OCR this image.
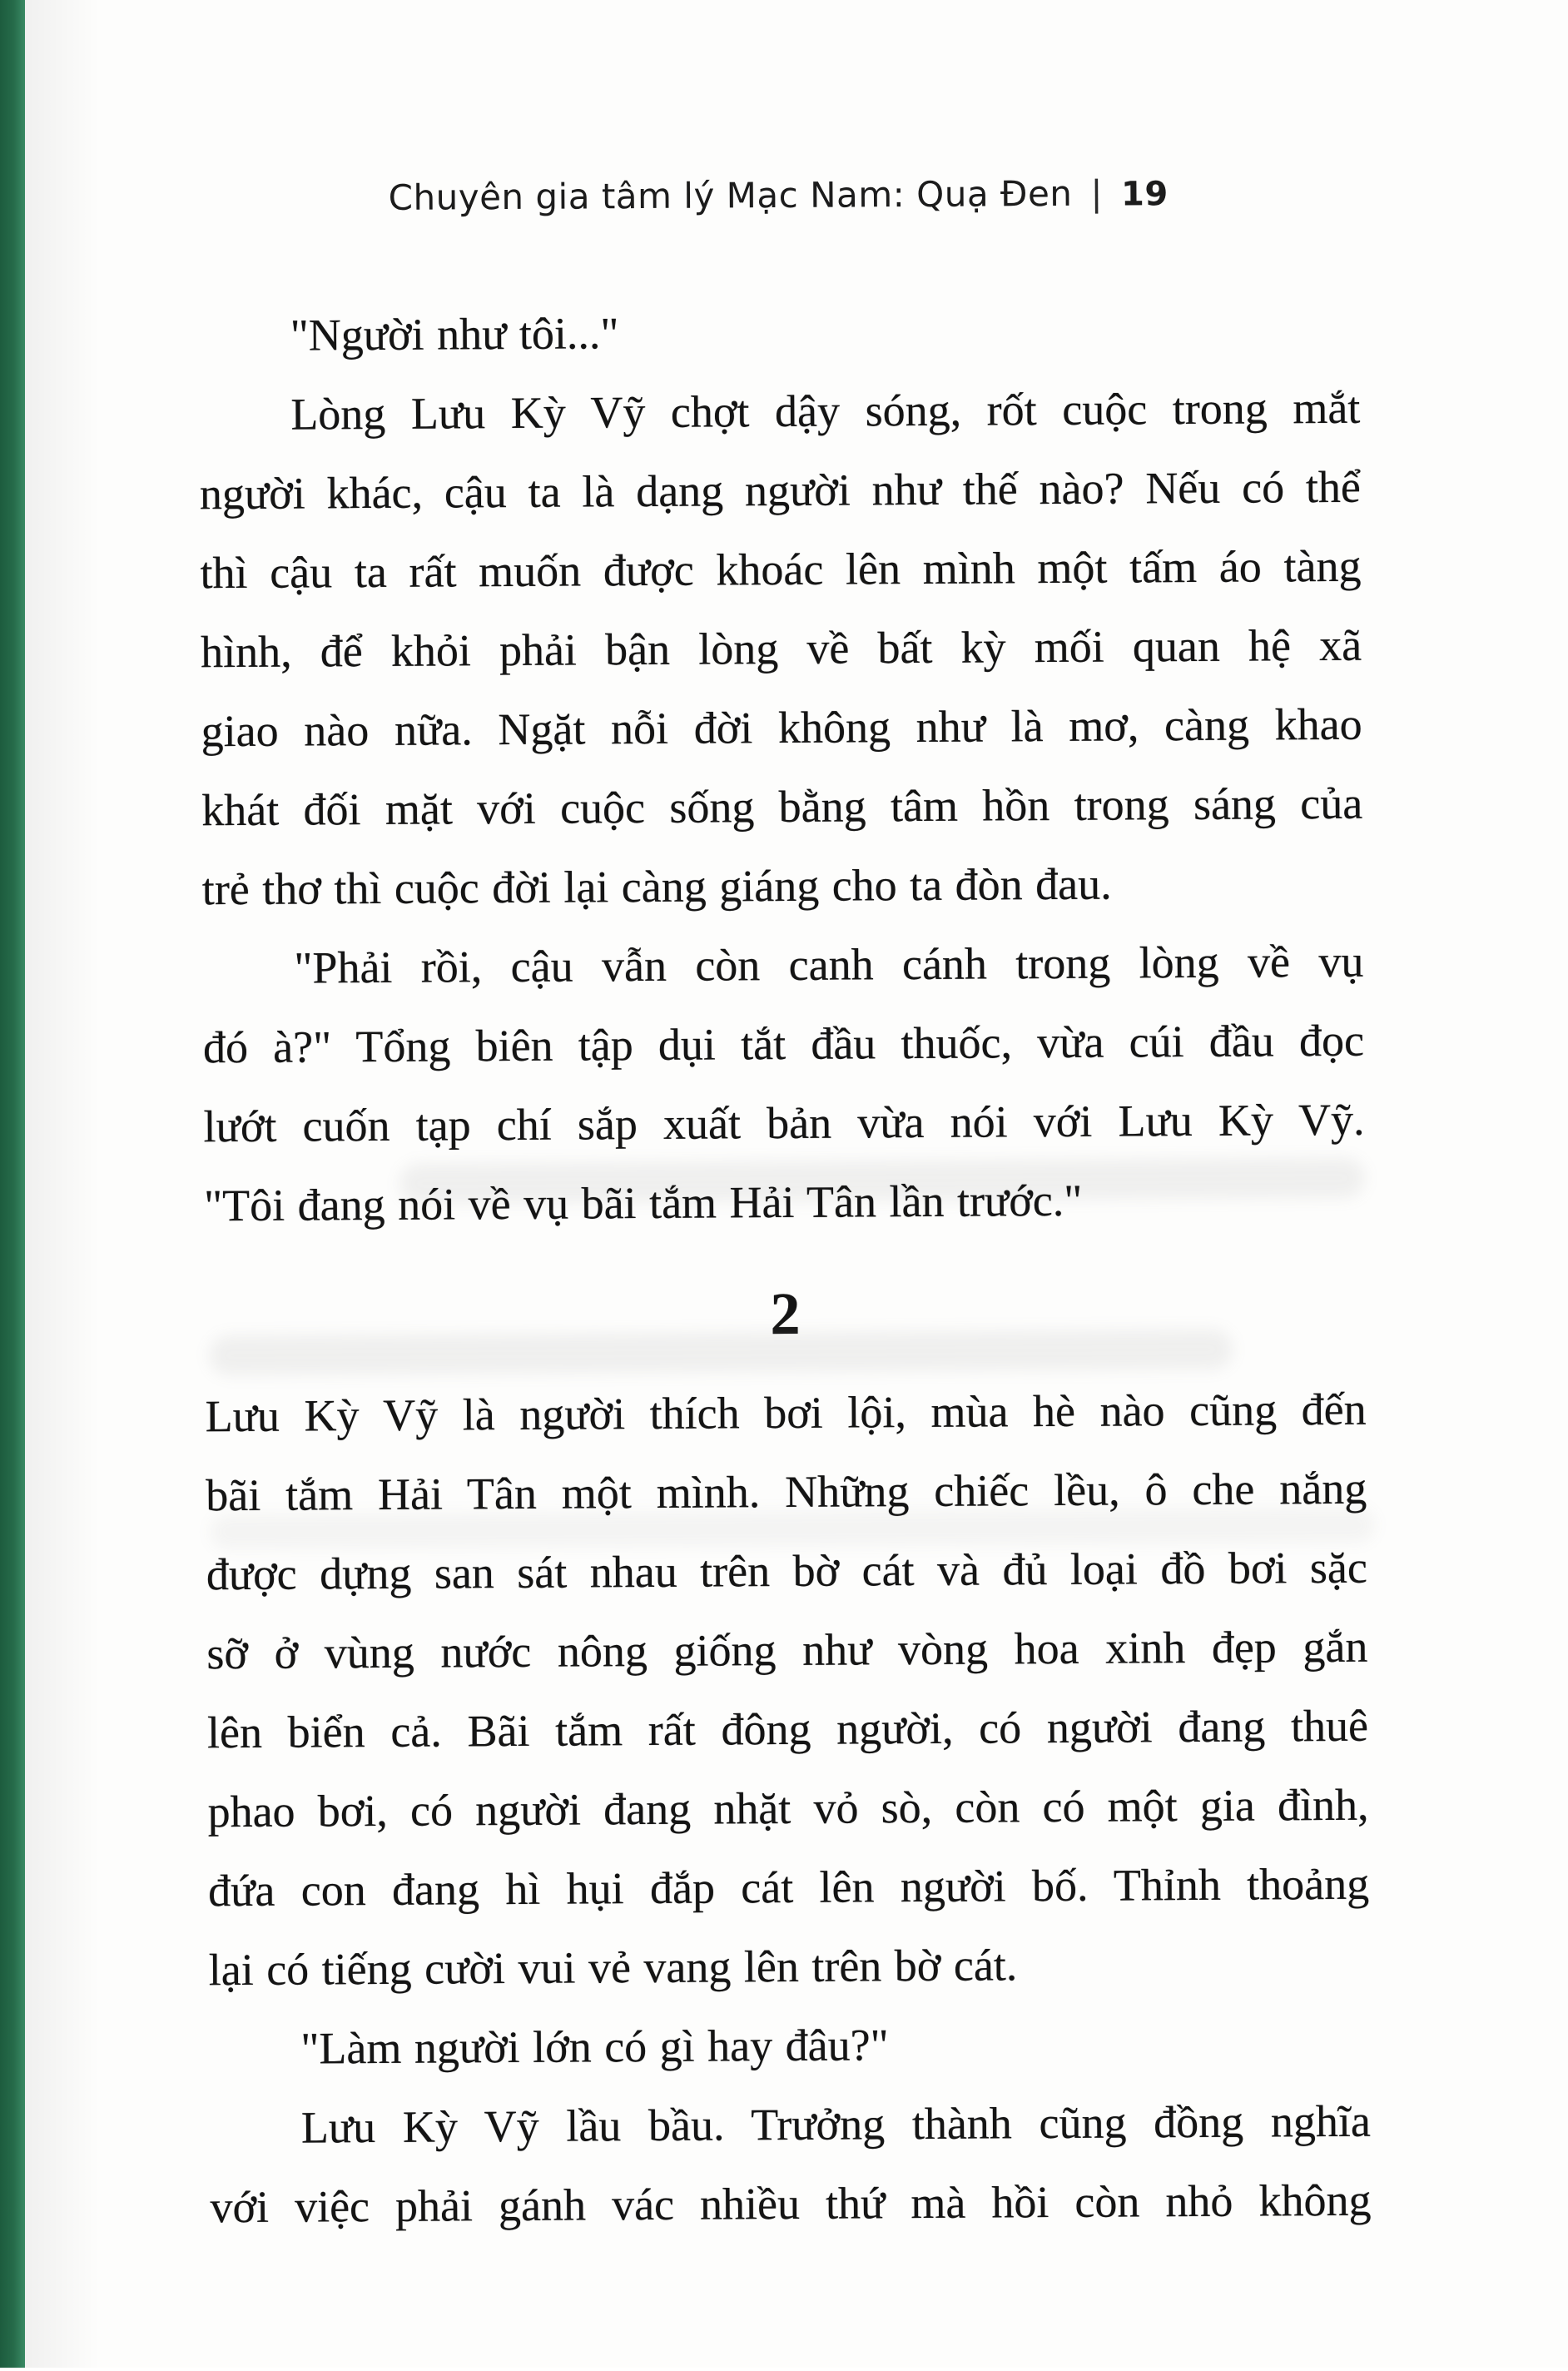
Chuyên gia tâm lý Mạc Nam: Quạ Đen | 19
"Người như tôi..."
Lòng Lưu Kỳ Vỹ chợt dậy sóng, rốt cuộc trong mắt
người khác, cậu ta là dạng người như thế nào? Nếu có thể
thì cậu ta rất muốn được khoác lên mình một tấm áo tàng
hình, để khỏi phải bận lòng về bất kỳ mối quan hệ xã
giao nào nữa. Ngặt nỗi đời không như là mơ, càng khao
khát đối mặt với cuộc sống bằng tâm hồn trong sáng của
trẻ thơ thì cuộc đời lại càng giáng cho ta đòn đau.
"Phải rồi, cậu vẫn còn canh cánh trong lòng về vụ
đó à?" Tổng biên tập dụi tắt đầu thuốc, vừa cúi đầu đọc
lướt cuốn tạp chí sắp xuất bản vừa nói với Lưu Kỳ Vỹ.
"Tôi đang nói về vụ bãi tắm Hải Tân lần trước."
2
Lưu Kỳ Vỹ là người thích bơi lội, mùa hè nào cũng đến
bãi tắm Hải Tân một mình. Những chiếc lều, ô che nắng
được dựng san sát nhau trên bờ cát và đủ loại đồ bơi sặc
sỡ ở vùng nước nông giống như vòng hoa xinh đẹp gắn
lên biển cả. Bãi tắm rất đông người, có người đang thuê
phao bơi, có người đang nhặt vỏ sò, còn có một gia đình,
đứa con đang hì hụi đắp cát lên người bố. Thỉnh thoảng
lại có tiếng cười vui vẻ vang lên trên bờ cát.
"Làm người lớn có gì hay đâu?"
Lưu Kỳ Vỹ lầu bầu. Trưởng thành cũng đồng nghĩa
với việc phải gánh vác nhiều thứ mà hồi còn nhỏ không
